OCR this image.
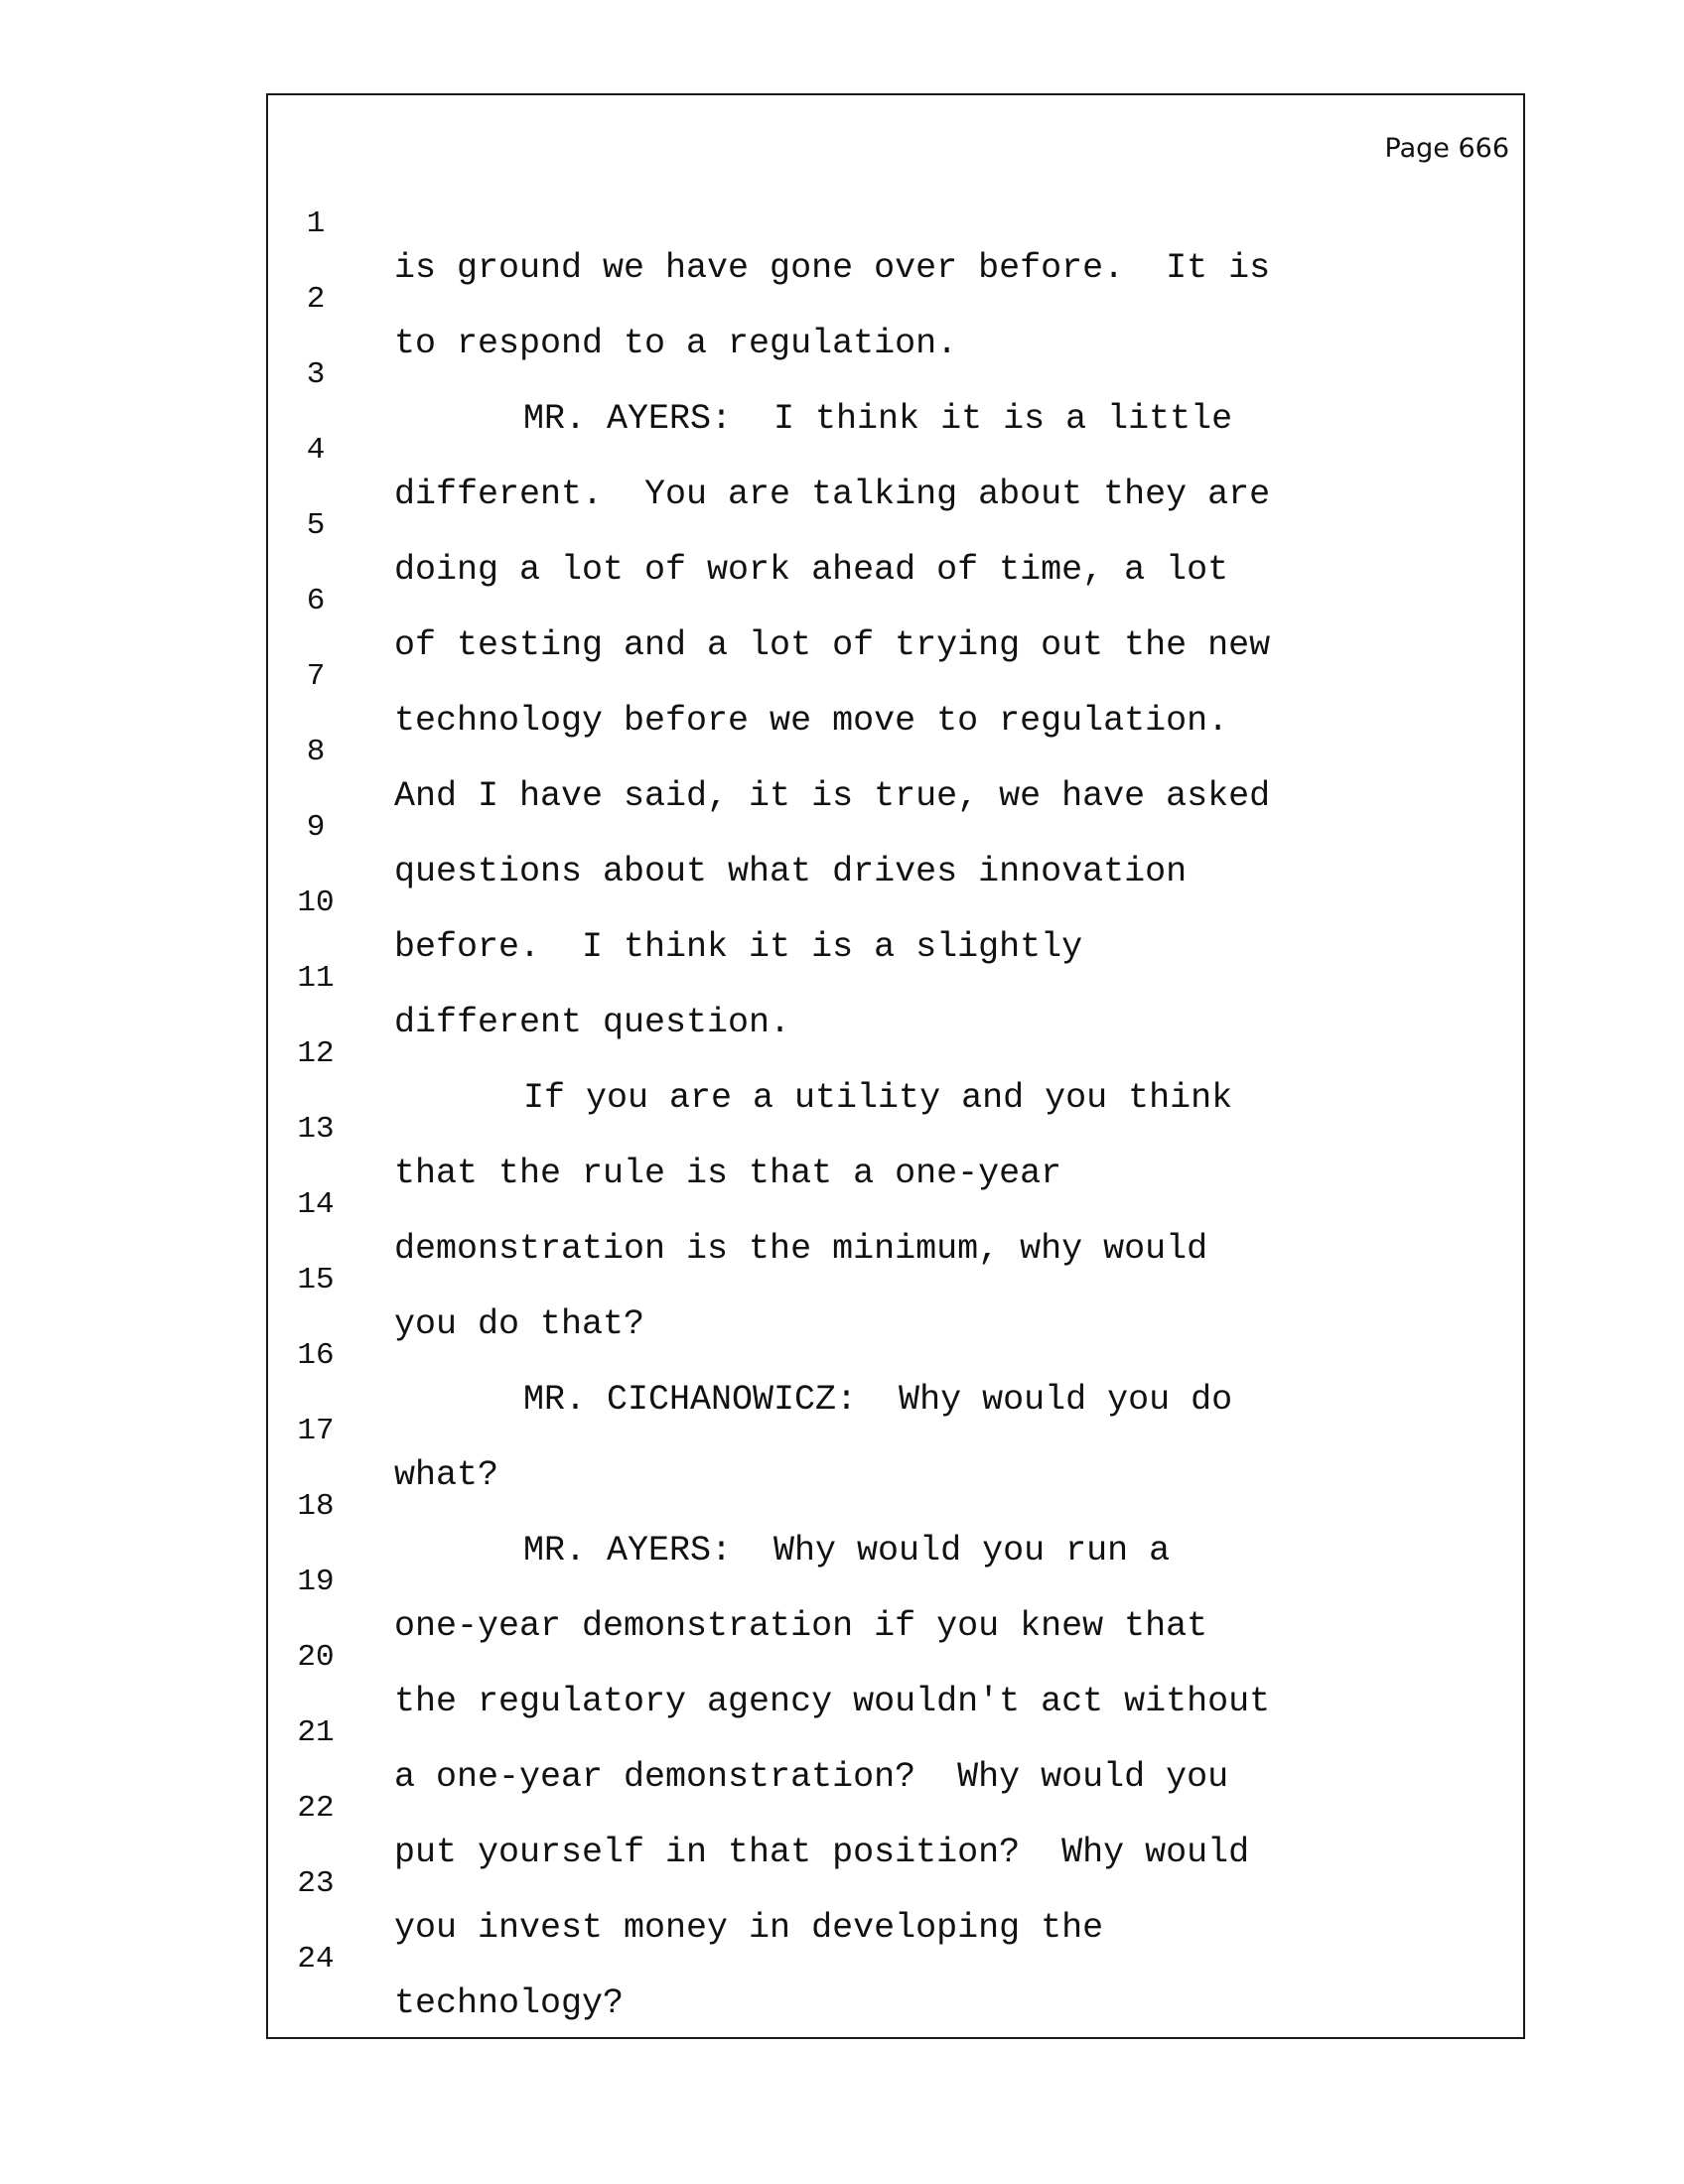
Page 666

1

is ground we have gone over before.  It is

2

to respond to a regulation.

3

MR. AYERS:  I think it is a little

4

different.  You are talking about they are

5

doing a lot of work ahead of time, a lot

6

of testing and a lot of trying out the new

7

technology before we move to regulation.

8

And I have said, it is true, we have asked

9

questions about what drives innovation

10

before.  I think it is a slightly

11

different question.

12

If you are a utility and you think

13

that the rule is that a one-year

14

demonstration is the minimum, why would

15

you do that?

16

MR. CICHANOWICZ:  Why would you do

17

what?

18

MR. AYERS:  Why would you run a

19

one-year demonstration if you knew that

20

the regulatory agency wouldn't act without

21

a one-year demonstration?  Why would you

22

put yourself in that position?  Why would

23

you invest money in developing the

24

technology?
